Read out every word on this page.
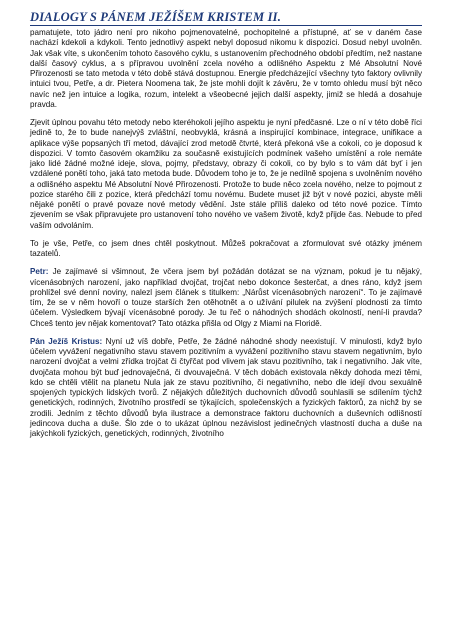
DIALOGY S PÁNEM JEŽÍŠEM KRISTEM II.

pamatujete, toto jádro není pro nikoho pojmenovatelné, pochopitelné a přístupné, ať se v daném čase nachází kdekoli a kdykoli. Tento jednotlivý aspekt nebyl doposud nikomu k dispozici. Dosud nebyl uvolněn. Jak však víte, s ukončením tohoto časového cyklu, s ustanovením přechodného období předtím, než nastane další časový cyklus, a s přípravou uvolnění zcela nového a odlišného Aspektu z Mé Absolutní Nové Přirozenosti se tato metoda v této době stává dostupnou. Energie předcházející všechny tyto faktory ovlivnily intuici tvou, Petře, a dr. Pietera Noomena tak, že jste mohli dojít k závěru, že v tomto ohledu musí být něco navíc než jen intuice a logika, rozum, intelekt a všeobecné jejich další aspekty, jimiž se hledá a dosahuje pravda.

Zjevit úplnou povahu této metody nebo kteréhokoli jejího aspektu je nyní předčasné. Lze o ní v této době říci jedině to, že to bude nanejvýš zvláštní, neobvyklá, krásná a inspirující kombinace, integrace, unifikace a aplikace výše popsaných tří metod, dávající zrod metodě čtvrté, která překoná vše a cokoli, co je doposud k dispozici. V tomto časovém okamžiku za současně existujících podmínek vašeho umístění a role nemáte jako lidé žádné možné ideje, slova, pojmy, představy, obrazy či cokoli, co by bylo s to vám dát byť i jen vzdálené ponětí toho, jaká tato metoda bude. Důvodem toho je to, že je nedílně spojena s uvolněním nového a odlišného aspektu Mé Absolutní Nové Přirozenosti. Protože to bude něco zcela nového, nelze to pojmout z pozice starého čili z pozice, která předchází tomu novému. Budete muset již být v nové pozici, abyste měli nějaké ponětí o pravé povaze nové metody vědění. Jste stále příliš daleko od této nové pozice. Tímto zjevením se však připravujete pro ustanovení toho nového ve vašem životě, když přijde čas. Nebude to před vaším odvoláním.

To je vše, Petře, co jsem dnes chtěl poskytnout. Můžeš pokračovat a zformulovat své otázky jménem tazatelů.

Petr: Je zajímavé si všimnout, že včera jsem byl požádán dotázat se na význam, pokud je tu nějaký, vícenásobných narození, jako například dvojčat, trojčat nebo dokonce šesterčat, a dnes ráno, když jsem prohlížel své denní noviny, nalezl jsem článek s titulkem: „Nárůst vícenásobných narození“. To je zajímavé tím, že se v něm hovoří o touze starších žen otěhotnět a o užívání pilulek na zvýšení plodnosti za tímto účelem. Výsledkem bývají vícenásobné porody. Je tu řeč o náhodných shodách okolností, není-li pravda? Chceš tento jev nějak komentovat? Tato otázka přišla od Olgy z Miami na Floridě.

Pán Ježíš Kristus: Nyní už víš dobře, Petře, že žádné náhodné shody neexistují. V minulosti, když bylo účelem vyvážení negativního stavu stavem pozitivním a vyvážení pozitivního stavu stavem negativním, bylo narození dvojčat a velmi zřídka trojčat či čtyřčat pod vlivem jak stavu pozitivního, tak i negativního. Jak víte, dvojčata mohou být buď jednovaječná, či dvouvaječná. V těch dobách existovala někdy dohoda mezi těmi, kdo se chtěli vtělit na planetu Nula jak ze stavu pozitivního, či negativního, nebo dle idejí dvou sexuálně spojených typických lidských tvorů. Z nějakých důležitých duchovních důvodů souhlasili se sdílením týchž genetických, rodinných, životního prostředí se týkajících, společenských a fyzických faktorů, za nichž by se zrodili. Jedním z těchto důvodů byla ilustrace a demonstrace faktoru duchovních a duševních odlišností jedincova ducha a duše. Šlo zde o to ukázat úplnou nezávislost jedinečných vlastností ducha a duše na jakýchkoli fyzických, genetických, rodinných, životního
